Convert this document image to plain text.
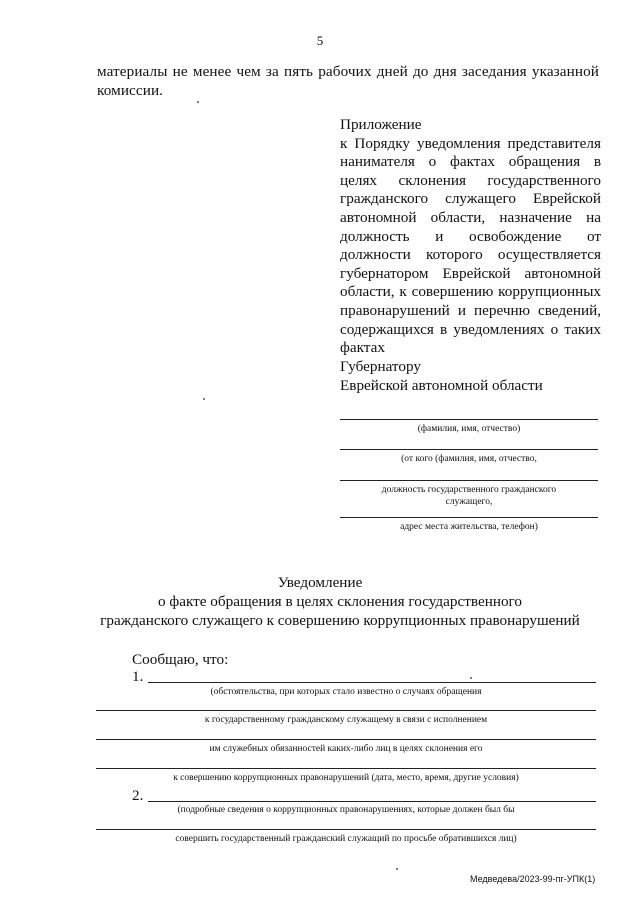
5
материалы не менее чем за пять рабочих дней до дня заседания указанной комиссии.
Приложение
к Порядку уведомления представителя нанимателя о фактах обращения в целях склонения государственного гражданского служащего Еврейской автономной области, назначение на должность и освобождение от должности которого осуществляется губернатором Еврейской автономной области, к совершению коррупционных правонарушений и перечню сведений, содержащихся в уведомлениях о таких фактах
Губернатору
Еврейской автономной области
(фамилия, имя, отчество)
(от кого (фамилия, имя, отчество,
должность государственного гражданского
служащего,
адрес места жительства, телефон)
Уведомление
о факте обращения в целях склонения государственного
гражданского служащего к совершению коррупционных правонарушений
Сообщаю, что:
1.
(обстоятельства, при которых стало известно о случаях обращения
к государственному гражданскому служащему в связи с исполнением
им служебных обязанностей каких-либо лиц в целях склонения его
к совершению коррупционных правонарушений (дата, место, время, другие условия)
2.
(подробные сведения о коррупционных правонарушениях, которые должен был бы
совершить государственный гражданский служащий по просьбе обратившихся лиц)
Медведева/2023-99-пг-УПК(1)
